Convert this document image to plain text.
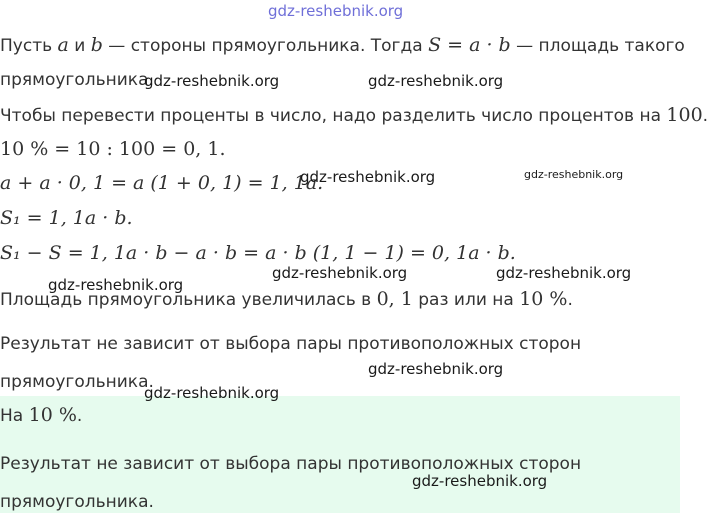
gdz-reshebnik.org
Пусть a и b — стороны прямоугольника. Тогда S = a · b — площадь такого
прямоугольника.
Чтобы перевести проценты в число, надо разделить число процентов на 100.
10 % = 10 : 100 = 0, 1.
a + a · 0, 1 = a (1 + 0, 1) = 1, 1a.
S₁ = 1, 1a · b.
S₁ − S = 1, 1a · b − a · b = a · b (1, 1 − 1) = 0, 1a · b.
Площадь прямоугольника увеличилась в 0, 1 раз или на 10 %.
Результат не зависит от выбора пары противоположных сторон
прямоугольника.
На 10 %.
Результат не зависит от выбора пары противоположных сторон
прямоугольника.
gdz-reshebnik.org	gdz-reshebnik.org
gdz-reshebnik.org	gdz-reshebnik.org
gdz-reshebnik.org
gdz-reshebnik.org	gdz-reshebnik.org
gdz-reshebnik.org
gdz-reshebnik.org
gdz-reshebnik.org
